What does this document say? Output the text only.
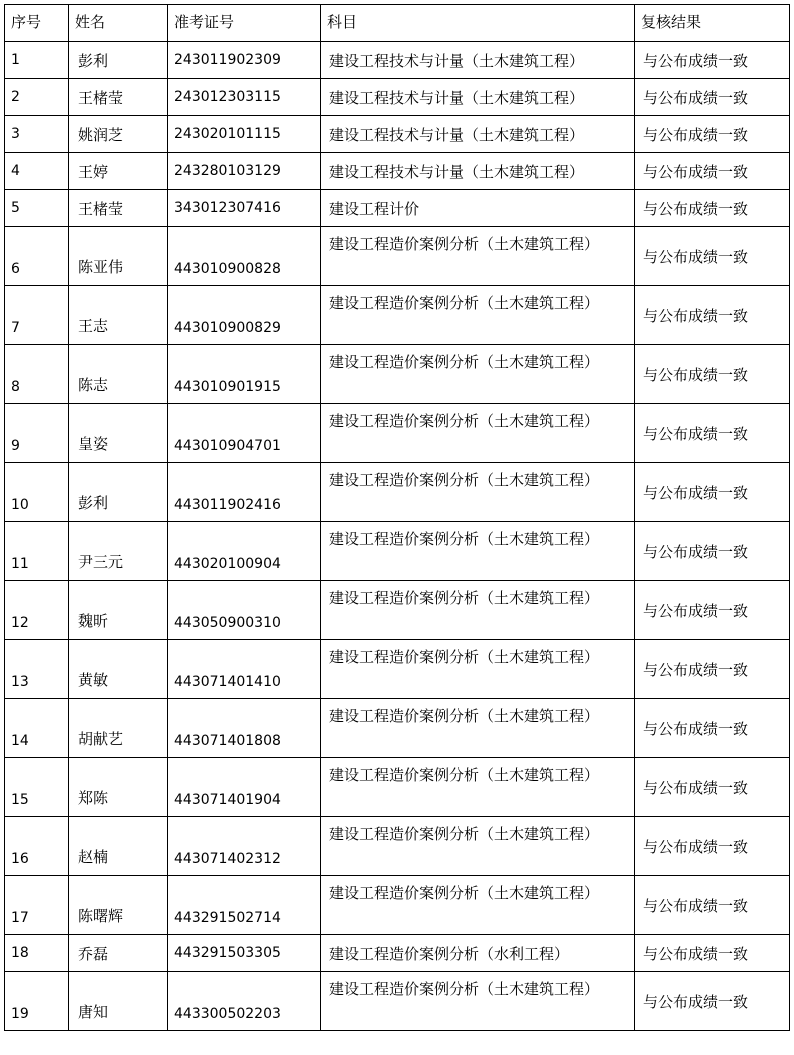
序号	姓名	准考证号	科目	复核结果
1	彭利	243011902309	建设工程技术与计量（土木建筑工程）	与公布成绩一致
2	王楮莹	243012303115	建设工程技术与计量（土木建筑工程）	与公布成绩一致
3	姚润芝	243020101115	建设工程技术与计量（土木建筑工程）	与公布成绩一致
4	王婷	243280103129	建设工程技术与计量（土木建筑工程）	与公布成绩一致
5	王楮莹	343012307416	建设工程计价	与公布成绩一致
6	陈亚伟	443010900828	建设工程造价案例分析（土木建筑工程）	与公布成绩一致
7	王志	443010900829	建设工程造价案例分析（土木建筑工程）	与公布成绩一致
8	陈志	443010901915	建设工程造价案例分析（土木建筑工程）	与公布成绩一致
9	皇姿	443010904701	建设工程造价案例分析（土木建筑工程）	与公布成绩一致
10	彭利	443011902416	建设工程造价案例分析（土木建筑工程）	与公布成绩一致
11	尹三元	443020100904	建设工程造价案例分析（土木建筑工程）	与公布成绩一致
12	魏昕	443050900310	建设工程造价案例分析（土木建筑工程）	与公布成绩一致
13	黄敏	443071401410	建设工程造价案例分析（土木建筑工程）	与公布成绩一致
14	胡献艺	443071401808	建设工程造价案例分析（土木建筑工程）	与公布成绩一致
15	郑陈	443071401904	建设工程造价案例分析（土木建筑工程）	与公布成绩一致
16	赵楠	443071402312	建设工程造价案例分析（土木建筑工程）	与公布成绩一致
17	陈曙辉	443291502714	建设工程造价案例分析（土木建筑工程）	与公布成绩一致
18	乔磊	443291503305	建设工程造价案例分析（水利工程）	与公布成绩一致
19	唐知	443300502203	建设工程造价案例分析（土木建筑工程）	与公布成绩一致
